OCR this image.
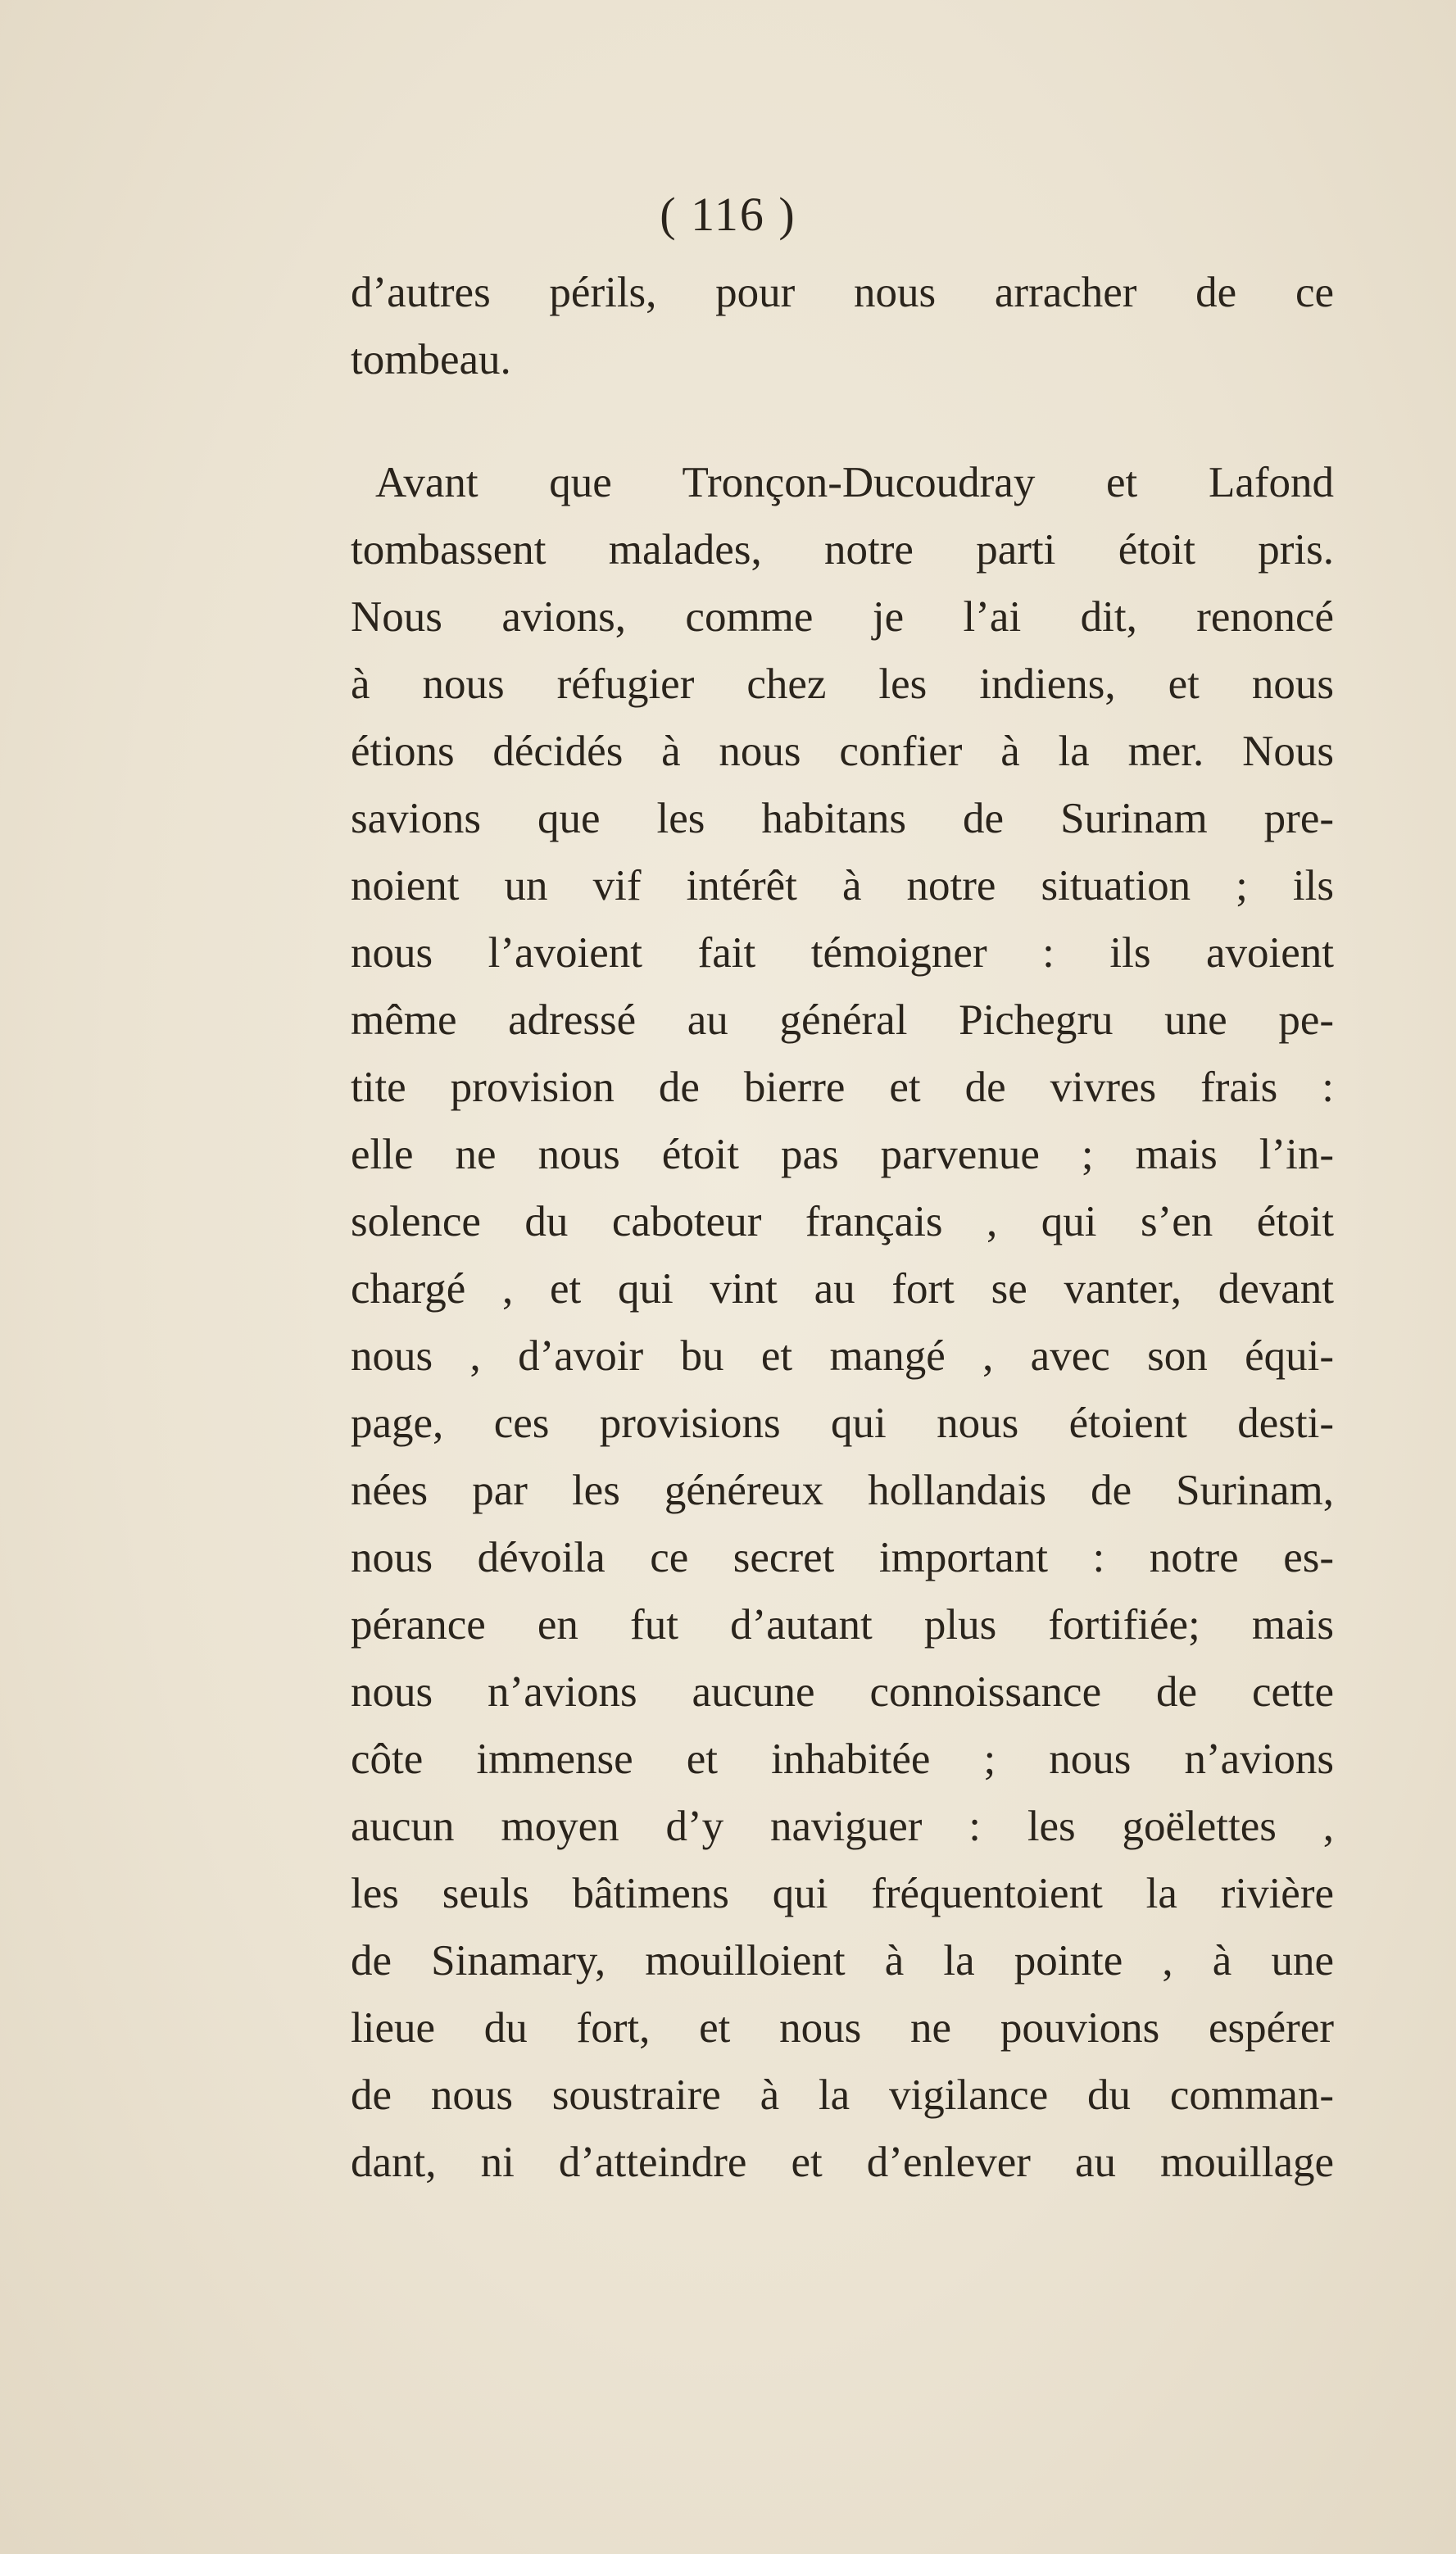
( 116 )
d’autres périls, pour nous arracher de ce
tombeau.
Avant que Tronçon-Ducoudray et Lafond
tombassent malades, notre parti étoit pris.
Nous avions, comme je l’ai dit, renoncé
à nous réfugier chez les indiens, et nous
étions décidés à nous confier à la mer. Nous
savions que les habitans de Surinam pre-
noient un vif intérêt à notre situation ; ils
nous l’avoient fait témoigner : ils avoient
même adressé au général Pichegru une pe-
tite provision de bierre et de vivres frais :
elle ne nous étoit pas parvenue ; mais l’in-
solence du caboteur français , qui s’en étoit
chargé , et qui vint au fort se vanter, devant
nous , d’avoir bu et mangé , avec son équi-
page, ces provisions qui nous étoient desti-
nées par les généreux hollandais de Surinam,
nous dévoila ce secret important : notre es-
pérance en fut d’autant plus fortifiée; mais
nous n’avions aucune connoissance de cette
côte immense et inhabitée ; nous n’avions
aucun moyen d’y naviguer : les goëlettes ,
les seuls bâtimens qui fréquentoient la rivière
de Sinamary, mouilloient à la pointe , à une
lieue du fort, et nous ne pouvions espérer
de nous soustraire à la vigilance du comman-
dant, ni d’atteindre et d’enlever au mouillage
